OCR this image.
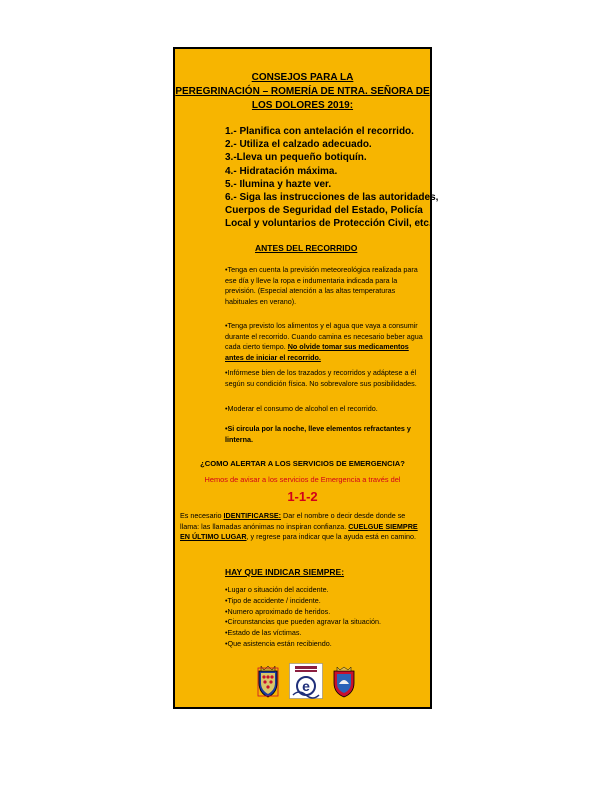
CONSEJOS PARA LA
PEREGRINACIÓN – ROMERÍA DE NTRA. SEÑORA DE
LOS DOLORES 2019:
1.- Planifica con antelación el recorrido.
2.- Utiliza el calzado adecuado.
3.-Lleva un pequeño botiquín.
4.- Hidratación máxima.
5.- Ilumina y hazte ver.
6.- Siga las instrucciones de las autoridades,
Cuerpos de Seguridad del Estado, Policía
Local y voluntarios de Protección Civil, etc.
ANTES DEL RECORRIDO
•Tenga en cuenta la previsión meteoreológica realizada para
ese día y lleve la ropa e indumentaria indicada para la
previsión. (Especial atención a las altas temperaturas
habituales en verano).
•Tenga previsto los alimentos y el agua que vaya a consumir
durante el recorrido. Cuando camina es necesario beber agua
cada cierto tiempo. No olvide tomar sus medicamentos
antes de iniciar el recorrido.
•Infórmese bien de los trazados y recorridos y adáptese a él
según su condición física. No sobrevalore sus posibilidades.
•Moderar el consumo de alcohol en el recorrido.
•Si circula por la noche, lleve elementos refractantes y
linterna.
¿COMO ALERTAR A LOS SERVICIOS DE EMERGENCIA?
Hemos de avisar a los servicios de Emergencia a través del
1-1-2
Es necesario IDENTIFICARSE: Dar el nombre o decir desde donde se
llama: las llamadas anónimas no inspiran confianza. CUELGUE SIEMPRE
EN ÚLTIMO LUGAR, y regrese para indicar que la ayuda está en camino.
HAY QUE INDICAR SIEMPRE:
•Lugar o situación del accidente.
•Tipo de accidente / incidente.
•Numero aproximado de heridos.
•Circunstancias que pueden agravar la situación.
•Estado de las víctimas.
•Que asistencia están recibiendo.
e
